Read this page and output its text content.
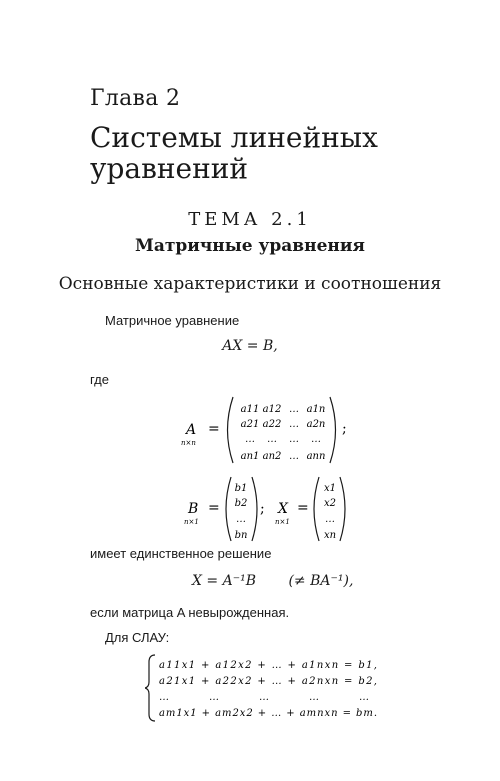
Глава 2
Системы линейных уравнений
ТЕМА 2.1
Матричные уравнения
Основные характеристики и соотношения
Матричное уравнение
AX = B,
где
A
n×n
=
a11 a12 … a1n
a21 a22 … a2n
… … … …
an1 an2 … ann
;
B
n×1
=
b1
b2
…
bn
; X
n×1
=
x1
x2
…
xn
имеет единственное решение
X = A⁻¹B (≠ BA⁻¹),
если матрица A невырожденная.
Для СЛАУ:
a11x1 + a12x2 + … + a1nxn = b1,
a21x1 + a22x2 + … + a2nxn = b2,
… … … … …
am1x1 + am2x2 + … + amnxn = bm.
